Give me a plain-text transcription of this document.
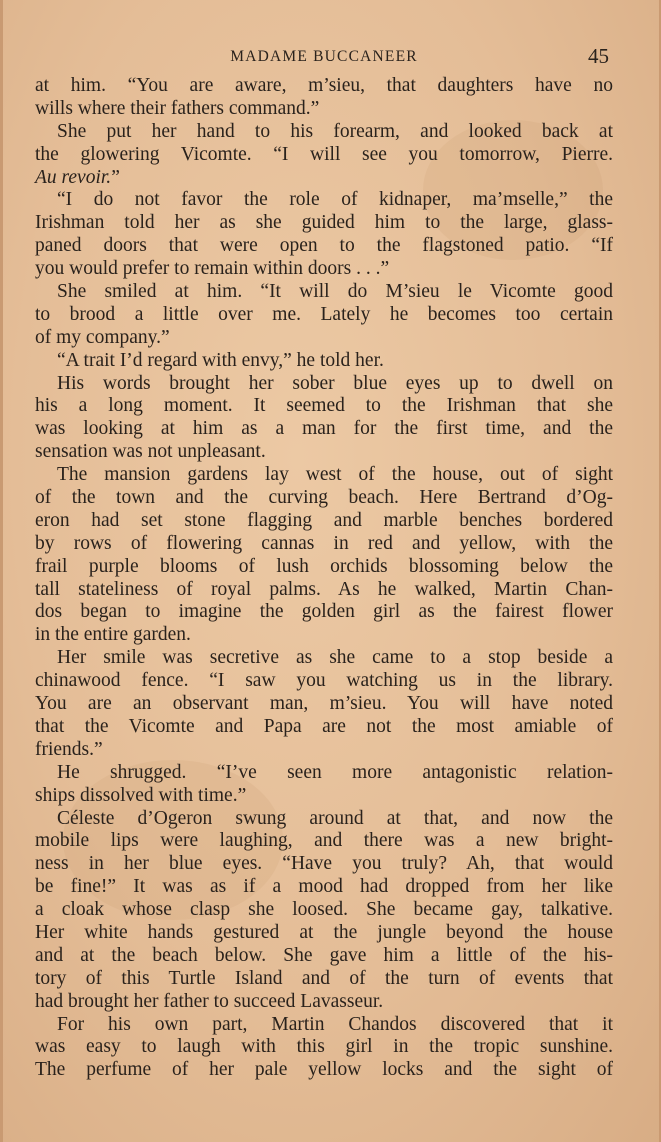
MADAME BUCCANEER	45
at him. “You are aware, m’sieu, that daughters have no
wills where their fathers command.”
She put her hand to his forearm, and looked back at
the glowering Vicomte. “I will see you tomorrow, Pierre.
Au revoir.”
“I do not favor the role of kidnaper, ma’mselle,” the
Irishman told her as she guided him to the large, glass-
paned doors that were open to the flagstoned patio. “If
you would prefer to remain within doors . . .”
She smiled at him. “It will do M’sieu le Vicomte good
to brood a little over me. Lately he becomes too certain
of my company.”
“A trait I’d regard with envy,” he told her.
His words brought her sober blue eyes up to dwell on
his a long moment. It seemed to the Irishman that she
was looking at him as a man for the first time, and the
sensation was not unpleasant.
The mansion gardens lay west of the house, out of sight
of the town and the curving beach. Here Bertrand d’Og-
eron had set stone flagging and marble benches bordered
by rows of flowering cannas in red and yellow, with the
frail purple blooms of lush orchids blossoming below the
tall stateliness of royal palms. As he walked, Martin Chan-
dos began to imagine the golden girl as the fairest flower
in the entire garden.
Her smile was secretive as she came to a stop beside a
chinawood fence. “I saw you watching us in the library.
You are an observant man, m’sieu. You will have noted
that the Vicomte and Papa are not the most amiable of
friends.”
He shrugged. “I’ve seen more antagonistic relation-
ships dissolved with time.”
Céleste d’Ogeron swung around at that, and now the
mobile lips were laughing, and there was a new bright-
ness in her blue eyes. “Have you truly? Ah, that would
be fine!” It was as if a mood had dropped from her like
a cloak whose clasp she loosed. She became gay, talkative.
Her white hands gestured at the jungle beyond the house
and at the beach below. She gave him a little of the his-
tory of this Turtle Island and of the turn of events that
had brought her father to succeed Lavasseur.
For his own part, Martin Chandos discovered that it
was easy to laugh with this girl in the tropic sunshine.
The perfume of her pale yellow locks and the sight of
